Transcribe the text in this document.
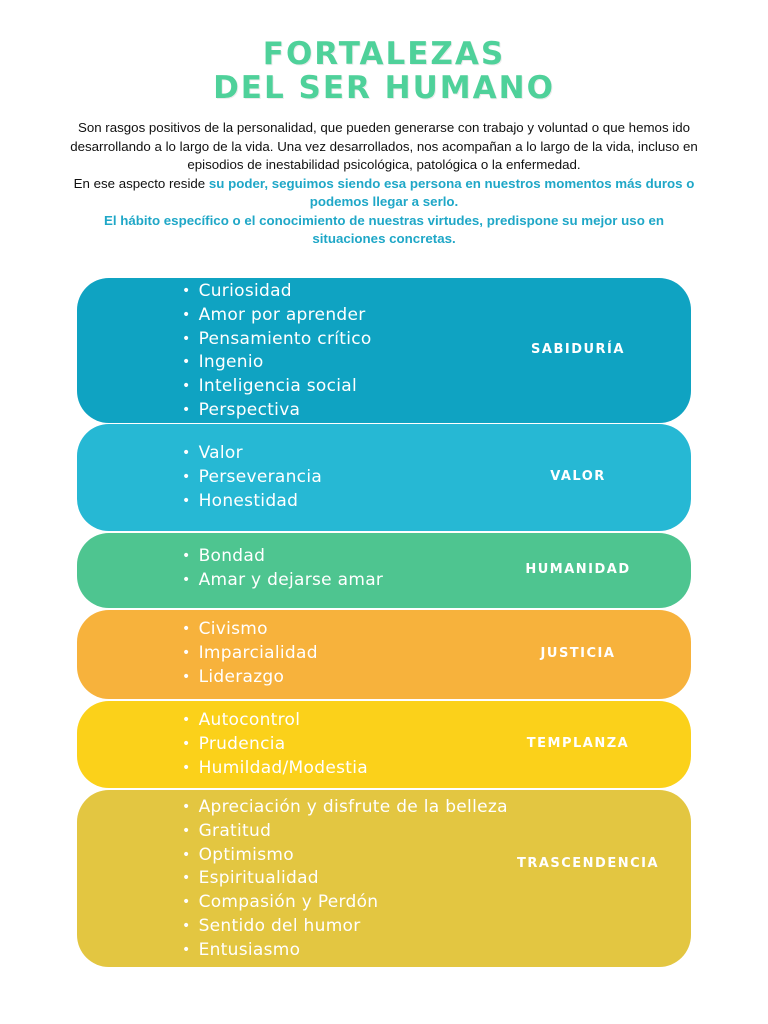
FORTALEZAS
DEL SER HUMANO

Son rasgos positivos de la personalidad, que pueden generarse con trabajo y voluntad o que hemos ido desarrollando a lo largo de la vida. Una vez desarrollados, nos acompañan a lo largo de la vida, incluso en episodios de inestabilidad psicológica, patológica o la enfermedad.

En ese aspecto reside su poder, seguimos siendo esa persona en nuestros momentos más duros o podemos llegar a serlo.

El hábito específico o el conocimiento de nuestras virtudes, predispone su mejor uso en situaciones concretas.

• Curiosidad
• Amor por aprender
• Pensamiento crítico
• Ingenio
• Inteligencia social
• Perspectiva
SABIDURÍA
• Valor
• Perseverancia
• Honestidad
VALOR
• Bondad
• Amar y dejarse amar
HUMANIDAD
• Civismo
• Imparcialidad
• Liderazgo
JUSTICIA
• Autocontrol
• Prudencia
• Humildad/Modestia
TEMPLANZA
• Apreciación y disfrute de la belleza
• Gratitud
• Optimismo
• Espiritualidad
• Compasión y Perdón
• Sentido del humor
• Entusiasmo
TRASCENDENCIA
